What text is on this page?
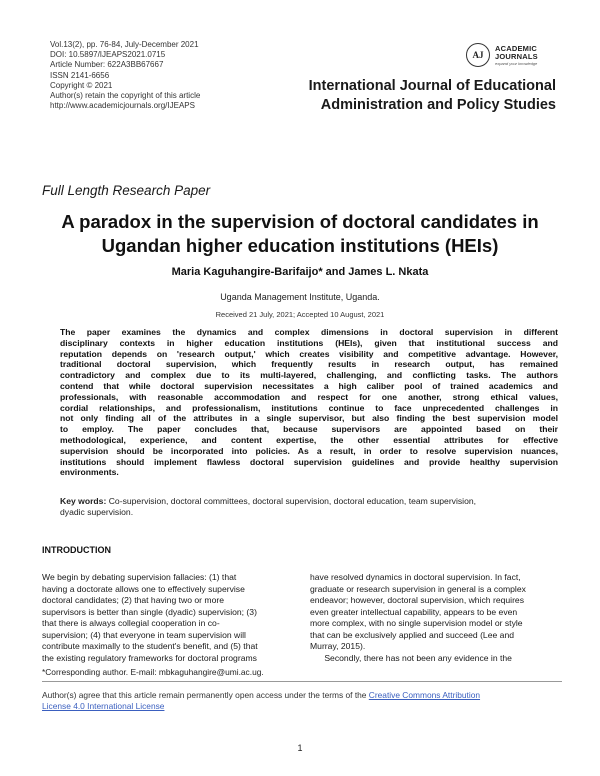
Vol.13(2), pp. 76-84, July-December 2021
DOI: 10.5897/IJEAPS2021.0715
Article Number: 622A3BB67667
ISSN 2141-6656
Copyright © 2021
Author(s) retain the copyright of this article
http://www.academicjournals.org/IJEAPS
AJ
ACADEMIC
JOURNALS
expand your knowledge
International Journal of Educational
Administration and Policy Studies
Full Length Research Paper
A paradox in the supervision of doctoral candidates in
Ugandan higher education institutions (HEIs)
Maria Kaguhangire-Barifaijo* and James L. Nkata
Uganda Management Institute, Uganda.
Received 21 July, 2021; Accepted 10 August, 2021
The paper examines the dynamics and complex dimensions in doctoral supervision in different
disciplinary contexts in higher education institutions (HEIs), given that institutional success and
reputation depends on 'research output,' which creates visibility and competitive advantage. However,
traditional doctoral supervision, which frequently results in research output, has remained
contradictory and complex due to its multi-layered, challenging, and conflicting tasks. The authors
contend that while doctoral supervision necessitates a high caliber pool of trained academics and
professionals, with reasonable accommodation and respect for one another, strong ethical values,
cordial relationships, and professionalism, institutions continue to face unprecedented challenges in
not only finding all of the attributes in a single supervisor, but also finding the best supervision model
to employ. The paper concludes that, because supervisors are appointed based on their
methodological, experience, and content expertise, the other essential attributes for effective
supervision should be incorporated into policies. As a result, in order to resolve supervision nuances,
institutions should implement flawless doctoral supervision guidelines and provide healthy supervision
environments.
Key words: Co-supervision, doctoral committees, doctoral supervision, doctoral education, team supervision,
dyadic supervision.
INTRODUCTION
We begin by debating supervision fallacies: (1) that
having a doctorate allows one to effectively supervise
doctoral candidates; (2) that having two or more
supervisors is better than single (dyadic) supervision; (3)
that there is always collegial cooperation in co-
supervision; (4) that everyone in team supervision will
contribute maximally to the student's benefit, and (5) that
the existing regulatory frameworks for doctoral programs
have resolved dynamics in doctoral supervision. In fact,
graduate or research supervision in general is a complex
endeavor; however, doctoral supervision, which requires
even greater intellectual capability, appears to be even
more complex, with no single supervision model or style
that can be exclusively applied and succeed (Lee and
Murray, 2015).
Secondly, there has not been any evidence in the
*Corresponding author. E-mail: mbkaguhangire@umi.ac.ug.
Author(s) agree that this article remain permanently open access under the terms of the Creative Commons Attribution
License 4.0 International License
1
